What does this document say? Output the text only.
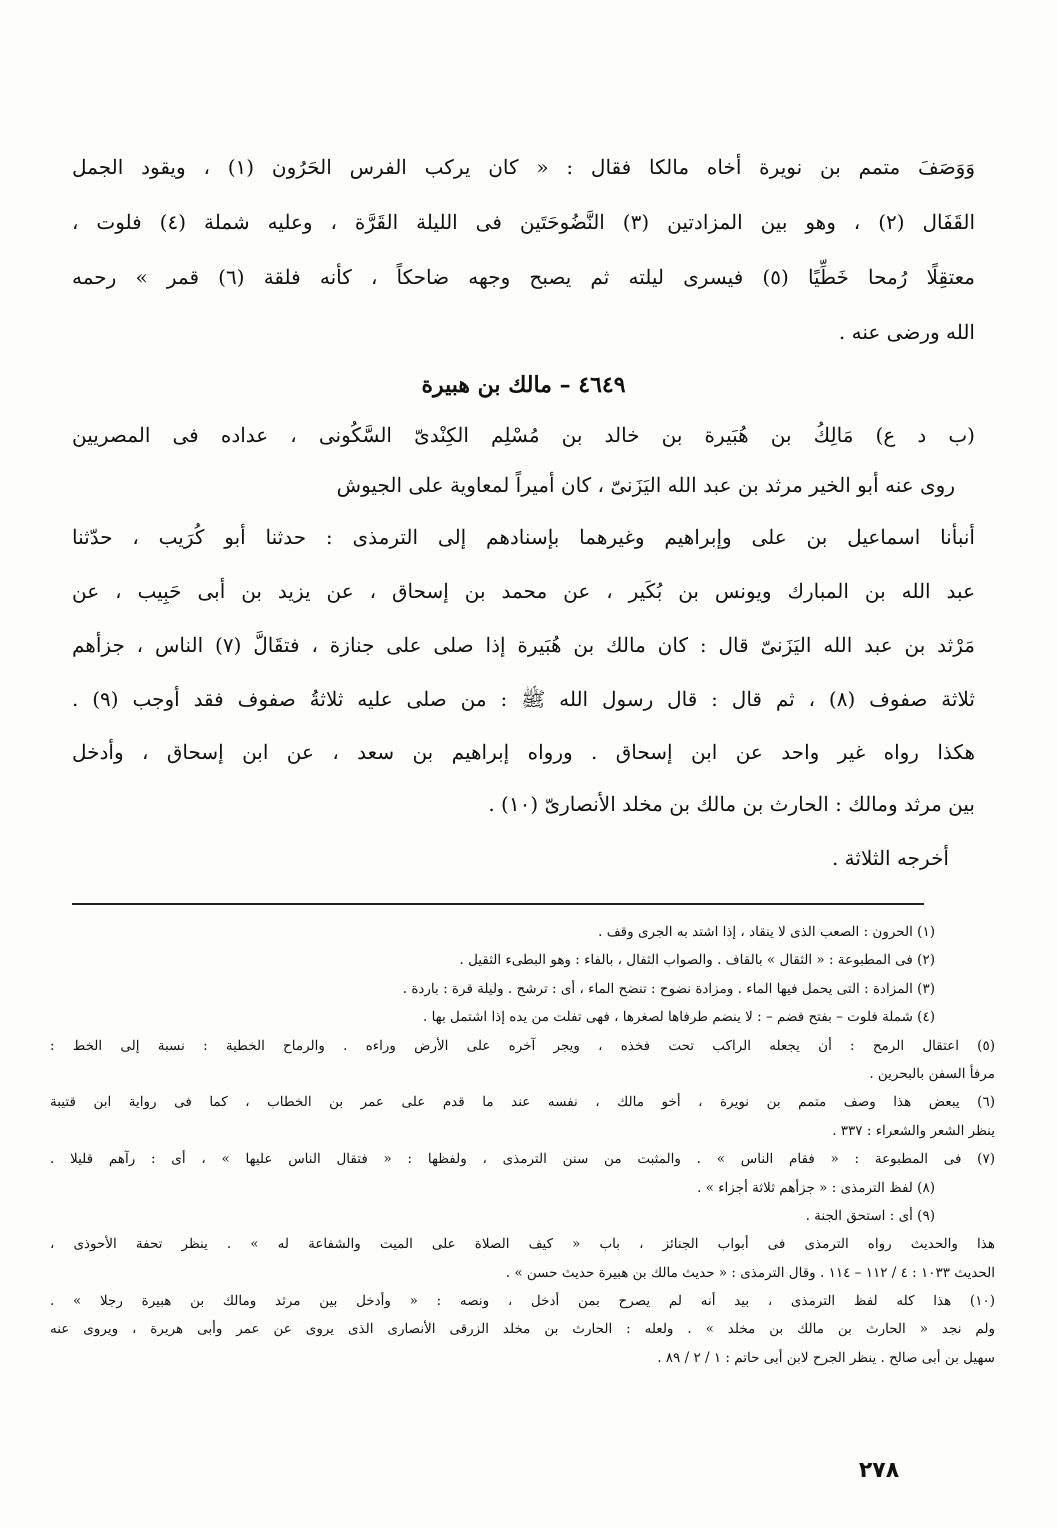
وَوَصَفَ متمم بن نويرة أخاه مالكا فقال : « كان يركب الفرس الحَرُون (١) ، ويقود الجمل

القَفَال (٢) ، وهو بين المزادتين (٣) النَّضُوحَتَين فى الليلة القَرَّة ، وعليه شملة (٤) فلوت ،

معتقِلًا رُمحا خَطِّيًا (٥) فيسرى ليلته ثم يصبح وجهه ضاحكاً ، كأنه فلقة (٦) قمر » رحمه

الله ورضى عنه .

٤٦٤٩ – مالك بن هبيرة

(ب د ع) مَالِكُ بن هُبَيرة بن خالد بن مُسْلِم الكِنْدىّ السَّكُونى ، عداده فى المصريين

روى عنه أبو الخير مرثد بن عبد الله اليَزَنىّ ، كان أميراً لمعاوية على الجيوش

أنبأنا اسماعيل بن على وإبراهيم وغيرهما بإسنادهم إلى الترمذى : حدثنا أبو كُرَيب ، حدّثنا

عبد الله بن المبارك ويونس بن بُكَير ، عن محمد بن إسحاق ، عن يزيد بن أبى حَبِيب ، عن

مَرْثد بن عبد الله اليَزَنىّ قال : كان مالك بن هُبَيرة إذا صلى على جنازة ، فتقَالَّ (٧) الناس ، جزأهم

ثلاثة صفوف (٨) ، ثم قال : قال رسول الله ﷺ : من صلى عليه ثلاثةُ صفوف فقد أوجب (٩) .

هكذا رواه غير واحد عن ابن إسحاق . ورواه إبراهيم بن سعد ، عن ابن إسحاق ، وأدخل

بين مرثد ومالك : الحارث بن مالك بن مخلد الأنصارىّ (١٠) .

أخرجه الثلاثة .
(١) الحرون : الصعب الذى لا ينقاد ، إذا اشتد به الجرى وقف .
(٢) فى المطبوعة : « الثقال » بالقاف . والصواب الثفال ، بالفاء : وهو البطىء الثقيل .
(٣) المزادة : التى يحمل فيها الماء . ومزادة نضوح : تنضح الماء ، أى : ترشح . وليلة قرة : باردة .
(٤) شملة فلوت – بفتح فضم – : لا ينضم طرفاها لصغرها ، فهى تفلت من يده إذا اشتمل بها .
(٥) اعتقال الرمح : أن يجعله الراكب تحت فخذه ، ويجر آخره على الأرض وراءه . والرماح الخطية : نسبة إلى الخط :
مرفأ السفن بالبحرين .
(٦) يبعض هذا وصف متمم بن نويرة ، أخو مالك ، نفسه عند ما قدم على عمر بن الخطاب ، كما فى رواية ابن قتيبة
ينظر الشعر والشعراء : ٣٣٧ .
(٧) فى المطبوعة : « فقام الناس » . والمثبت من سنن الترمذى ، ولفظها : « فتقال الناس عليها » ، أى : رآهم قليلا .
(٨) لفظ الترمذى : « جزأهم ثلاثة أجزاء » .
(٩) أى : استحق الجنة .
هذا والحديث رواه الترمذى فى أبواب الجنائز ، باب « كيف الصلاة على الميت والشفاعة له » . ينظر تحفة الأحوذى ،
الحديث ١٠٣٣ : ٤ / ١١٢ – ١١٤ . وقال الترمذى : « حديث مالك بن هبيرة حديث حسن » .
(١٠) هذا كله لفظ الترمذى ، بيد أنه لم يصرح بمن أدخل ، ونصه : « وأدخل بين مرثد ومالك بن هبيرة رجلا » .
ولم نجد « الحارث بن مالك بن مخلد » . ولعله : الحارث بن مخلد الزرقى الأنصارى الذى يروى عن عمر وأبى هريرة ، ويروى عنه
سهيل بن أبى صالح . ينظر الجرح لابن أبى حاتم : ١ / ٢ / ٨٩ .
٢٧٨
